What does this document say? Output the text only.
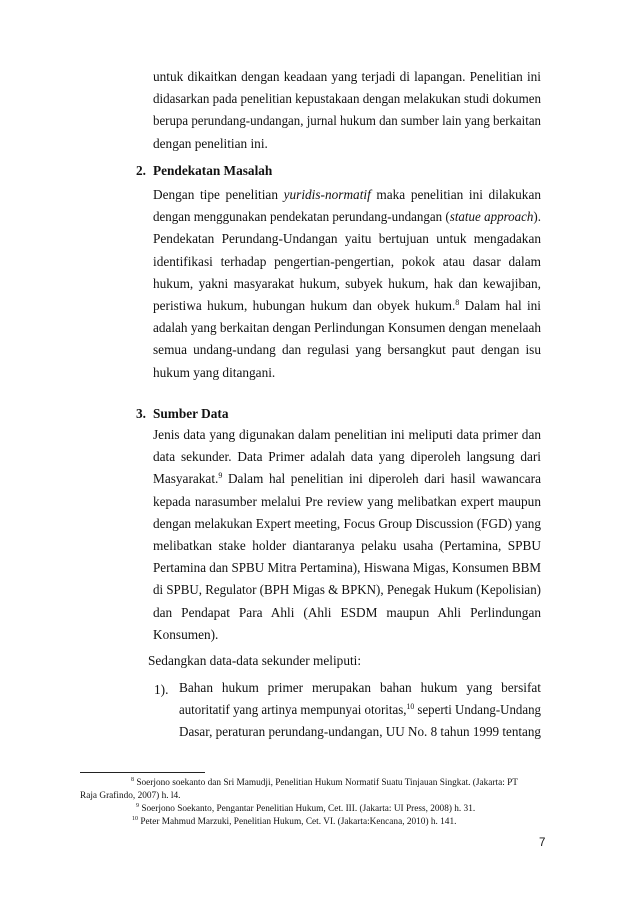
untuk dikaitkan dengan keadaan yang terjadi di lapangan. Penelitian ini
didasarkan pada penelitian kepustakaan dengan melakukan studi dokumen
berupa perundang-undangan, jurnal hukum dan sumber lain yang berkaitan
dengan penelitian ini.
2. Pendekatan Masalah
Dengan tipe penelitian yuridis-normatif maka penelitian ini dilakukan
dengan menggunakan pendekatan perundang-undangan (statue approach).
Pendekatan Perundang-Undangan yaitu bertujuan untuk mengadakan
identifikasi terhadap pengertian-pengertian, pokok atau dasar dalam
hukum, yakni masyarakat hukum, subyek hukum, hak dan kewajiban,
peristiwa hukum, hubungan hukum dan obyek hukum.$^8$ Dalam hal ini
adalah yang berkaitan dengan Perlindungan Konsumen dengan menelaah
semua undang-undang dan regulasi yang bersangkut paut dengan isu
hukum yang ditangani.
3. Sumber Data
Jenis data yang digunakan dalam penelitian ini meliputi data primer dan
data sekunder. Data Primer adalah data yang diperoleh langsung dari
Masyarakat.$^9$ Dalam hal penelitian ini diperoleh dari hasil wawancara
kepada narasumber melalui Pre review yang melibatkan expert maupun
dengan melakukan Expert meeting, Focus Group Discussion (FGD) yang
melibatkan stake holder diantaranya pelaku usaha (Pertamina, SPBU
Pertamina dan SPBU Mitra Pertamina), Hiswana Migas, Konsumen BBM
di SPBU, Regulator (BPH Migas & BPKN), Penegak Hukum (Kepolisian)
dan Pendapat Para Ahli (Ahli ESDM maupun Ahli Perlindungan
Konsumen).
Sedangkan data-data sekunder meliputi:
1). Bahan hukum primer merupakan bahan hukum yang bersifat
autoritatif yang artinya mempunyai otoritas,$^{10}$ seperti Undang-Undang
Dasar, peraturan perundang-undangan, UU No. 8 tahun 1999 tentang
$^8$ Soerjono soekanto dan Sri Mamudji, Penelitian Hukum Normatif Suatu Tinjauan Singkat. (Jakarta: PT
Raja Grafindo, 2007) h. l4.
$^9$ Soerjono Soekanto, Pengantar Penelitian Hukum, Cet. III. (Jakarta: UI Press, 2008) h. 31.
$^{10}$ Peter Mahmud Marzuki, Penelitian Hukum, Cet. VI. (Jakarta:Kencana, 2010) h. 141.
7
